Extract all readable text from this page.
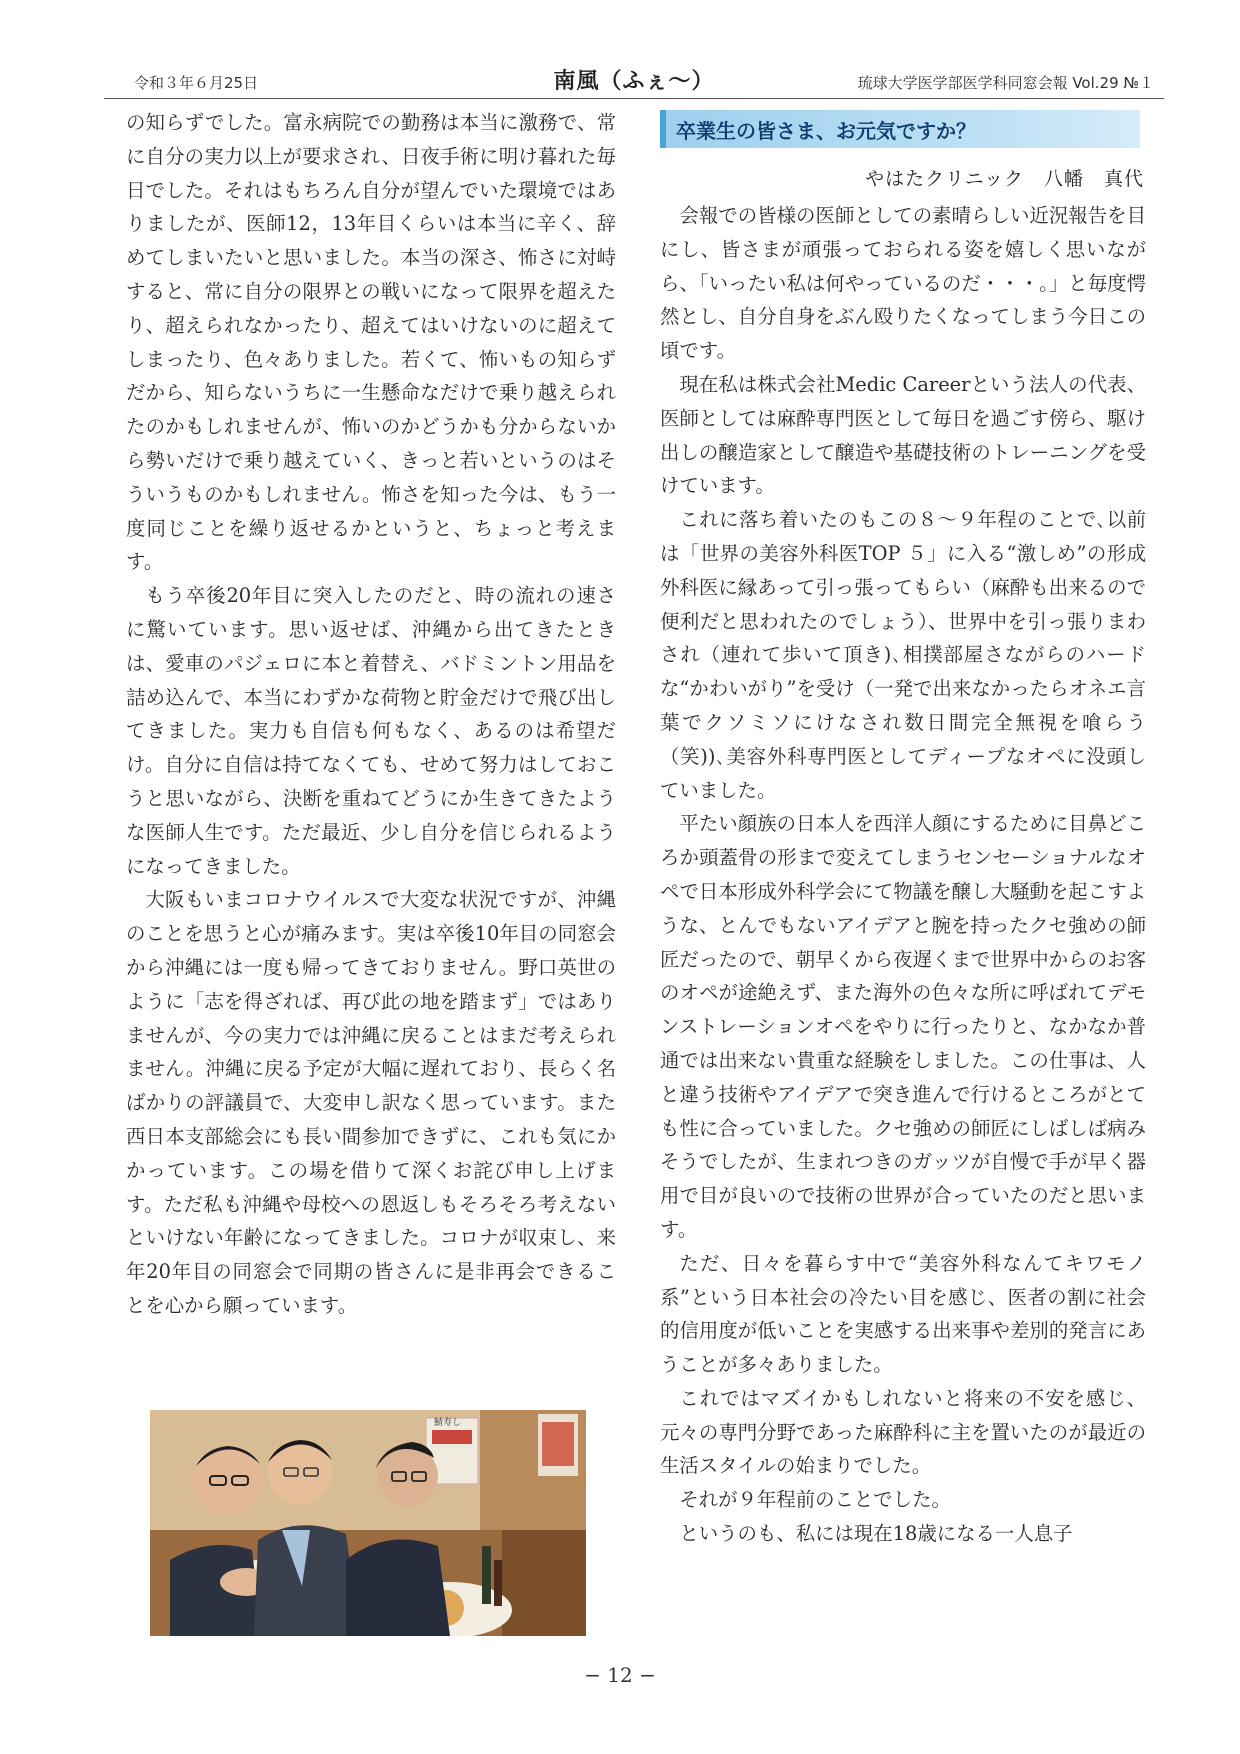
令和３年６月25日	南風（ふぇ〜）	琉球大学医学部医学科同窓会報 Vol.29 №１

の知らずでした。富永病院での勤務は本当に激務で、常に自分の実力以上が要求され、日夜手術に明け暮れた毎日でした。それはもちろん自分が望んでいた環境ではありましたが、医師12，13年目くらいは本当に辛く、辞めてしまいたいと思いました。本当の深さ、怖さに対峙すると、常に自分の限界との戦いになって限界を超えたり、超えられなかったり、超えてはいけないのに超えてしまったり、色々ありました。若くて、怖いもの知らずだから、知らないうちに一生懸命なだけで乗り越えられたのかもしれませんが、怖いのかどうかも分からないから勢いだけで乗り越えていく、きっと若いというのはそういうものかもしれません。怖さを知った今は、もう一度同じことを繰り返せるかというと、ちょっと考えます。

もう卒後20年目に突入したのだと、時の流れの速さに驚いています。思い返せば、沖縄から出てきたときは、愛車のパジェロに本と着替え、バドミントン用品を詰め込んで、本当にわずかな荷物と貯金だけで飛び出してきました。実力も自信も何もなく、あるのは希望だけ。自分に自信は持てなくても、せめて努力はしておこうと思いながら、決断を重ねてどうにか生きてきたような医師人生です。ただ最近、少し自分を信じられるようになってきました。

大阪もいまコロナウイルスで大変な状況ですが、沖縄のことを思うと心が痛みます。実は卒後10年目の同窓会から沖縄には一度も帰ってきておりません。野口英世のように「志を得ざれば、再び此の地を踏まず」ではありませんが、今の実力では沖縄に戻ることはまだ考えられません。沖縄に戻る予定が大幅に遅れており、長らく名ばかりの評議員で、大変申し訳なく思っています。また西日本支部総会にも長い間参加できずに、これも気にかかっています。この場を借りて深くお詫び申し上げます。ただ私も沖縄や母校への恩返しもそろそろ考えないといけない年齢になってきました。コロナが収束し、来年20年目の同窓会で同期の皆さんに是非再会できることを心から願っています。

鯖寿し
卒業生の皆さま、お元気ですか？
やはたクリニック　八幡　真代

会報での皆様の医師としての素晴らしい近況報告を目にし、皆さまが頑張っておられる姿を嬉しく思いながら、「いったい私は何やっているのだ・・・。」と毎度愕然とし、自分自身をぶん殴りたくなってしまう今日この頃です。

現在私は株式会社Medic Careerという法人の代表、医師としては麻酔専門医として毎日を過ごす傍ら、駆け出しの醸造家として醸造や基礎技術のトレーニングを受けています。

これに落ち着いたのもこの８〜９年程のことで､以前は「世界の美容外科医TOP ５」に入る“激しめ”の形成外科医に縁あって引っ張ってもらい（麻酔も出来るので便利だと思われたのでしょう）、世界中を引っ張りまわされ（連れて歩いて頂き)､相撲部屋さながらのハードな“かわいがり”を受け（一発で出来なかったらオネエ言葉でクソミソにけなされ数日間完全無視を喰らう（笑))､美容外科専門医としてディープなオペに没頭していました。

平たい顔族の日本人を西洋人顔にするために目鼻どころか頭蓋骨の形まで変えてしまうセンセーショナルなオペで日本形成外科学会にて物議を醸し大騒動を起こすような、とんでもないアイデアと腕を持ったクセ強めの師匠だったので、朝早くから夜遅くまで世界中からのお客のオペが途絶えず、また海外の色々な所に呼ばれてデモンストレーションオペをやりに行ったりと、なかなか普通では出来ない貴重な経験をしました。この仕事は、人と違う技術やアイデアで突き進んで行けるところがとても性に合っていました。クセ強めの師匠にしばしば病みそうでしたが、生まれつきのガッツが自慢で手が早く器用で目が良いので技術の世界が合っていたのだと思います。

ただ、日々を暮らす中で“美容外科なんてキワモノ系”という日本社会の冷たい目を感じ、医者の割に社会的信用度が低いことを実感する出来事や差別的発言にあうことが多々ありました。

これではマズイかもしれないと将来の不安を感じ、元々の専門分野であった麻酔科に主を置いたのが最近の生活スタイルの始まりでした。

それが９年程前のことでした。

というのも、私には現在18歳になる一人息子

− 12 −
